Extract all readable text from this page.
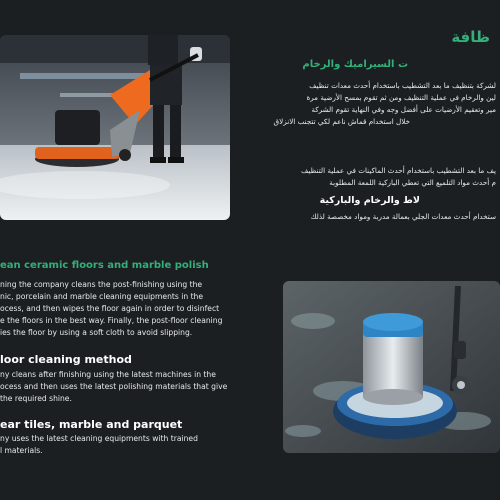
ظافة
ت السيراميك والرخام
لشركة بتنظيف ما بعد التشطيب باستخدام أحدث معدات تنظيف
لين والرخام في عملية التنظيف ومن ثم تقوم بمسح الأرضية مرة
مير وتعقيم الأرضيات على أفضل وجه وفي النهاية تقوم الشركة
خلال استخدام قماش ناعم لكي تتجنب الانزلاق
يف ما بعد التشطيب باستخدام أحدث الماكينات في عملية التنظيف
م أحدث مواد التلميع التي تعطي الباركية اللمعة المطلوبة
لاط والرخام والباركية
ستخدام أحدث معدات الجلي بعمالة مدربة ومواد مخصصة لذلك
ean ceramic floors and marble polish
ning the company cleans the post-finishing using the
nic, porcelain and marble cleaning equipments in the
ocess, and then wipes the floor again in order to disinfect
e the floors in the best way. Finally, the post-floor cleaning
ies the floor by using a soft cloth to avoid slipping.
loor cleaning method
ny cleans after finishing using the latest machines in the
ocess and then uses the latest polishing materials that give
the required shine.
ear tiles, marble and parquet
ny uses the latest cleaning equipments with trained
l materials.
